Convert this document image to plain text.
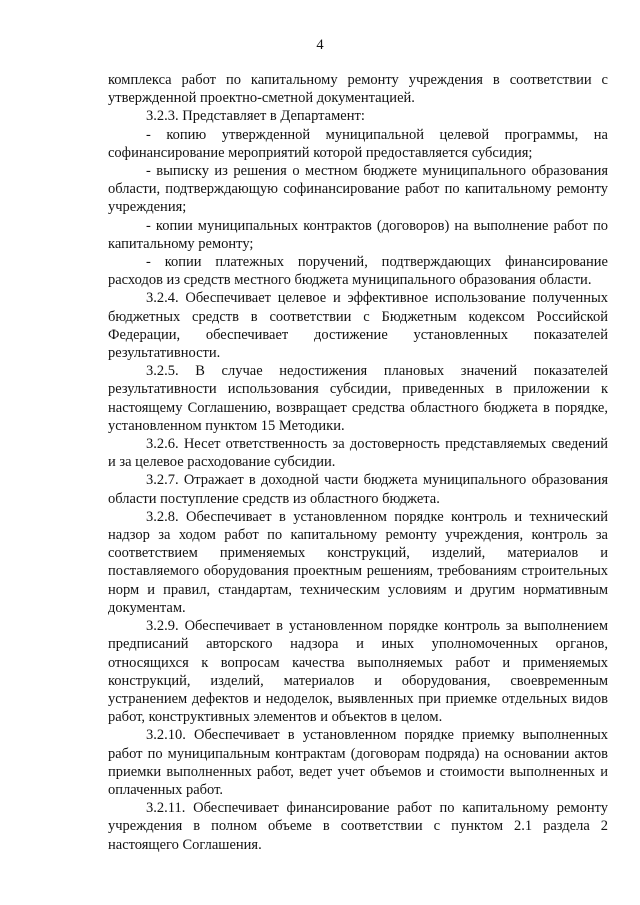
4

комплекса работ по капитальному ремонту учреждения в соответствии с утвержденной проектно-сметной документацией.

3.2.3. Представляет в Департамент:

- копию утвержденной муниципальной целевой программы, на софинансирование мероприятий которой предоставляется субсидия;

- выписку из решения о местном бюджете муниципального образования области, подтверждающую софинансирование работ по капитальному ремонту учреждения;

- копии муниципальных контрактов (договоров) на выполнение работ по капитальному ремонту;

- копии платежных поручений, подтверждающих финансирование расходов из средств местного бюджета муниципального образования области.

3.2.4. Обеспечивает целевое и эффективное использование полученных бюджетных средств в соответствии с Бюджетным кодексом Российской Федерации, обеспечивает достижение установленных показателей результативности.

3.2.5. В случае недостижения плановых значений показателей результативности использования субсидии, приведенных в приложении к настоящему Соглашению, возвращает средства областного бюджета в порядке, установленном пунктом 15 Методики.

3.2.6. Несет ответственность за достоверность представляемых сведений и за целевое расходование субсидии.

3.2.7. Отражает в доходной части бюджета муниципального образования области поступление средств из областного бюджета.

3.2.8. Обеспечивает в установленном порядке контроль и технический надзор за ходом работ по капитальному ремонту учреждения, контроль за соответствием применяемых конструкций, изделий, материалов и поставляемого оборудования проектным решениям, требованиям строительных норм и правил, стандартам, техническим условиям и другим нормативным документам.

3.2.9. Обеспечивает в установленном порядке контроль за выполнением предписаний авторского надзора и иных уполномоченных органов, относящихся к вопросам качества выполняемых работ и применяемых конструкций, изделий, материалов и оборудования, своевременным устранением дефектов и недоделок, выявленных при приемке отдельных видов работ, конструктивных элементов и объектов в целом.

3.2.10. Обеспечивает в установленном порядке приемку выполненных работ по муниципальным контрактам (договорам подряда) на основании актов приемки выполненных работ, ведет учет объемов и стоимости выполненных и оплаченных работ.

3.2.11. Обеспечивает финансирование работ по капитальному ремонту учреждения в полном объеме в соответствии с пунктом 2.1 раздела 2 настоящего Соглашения.
